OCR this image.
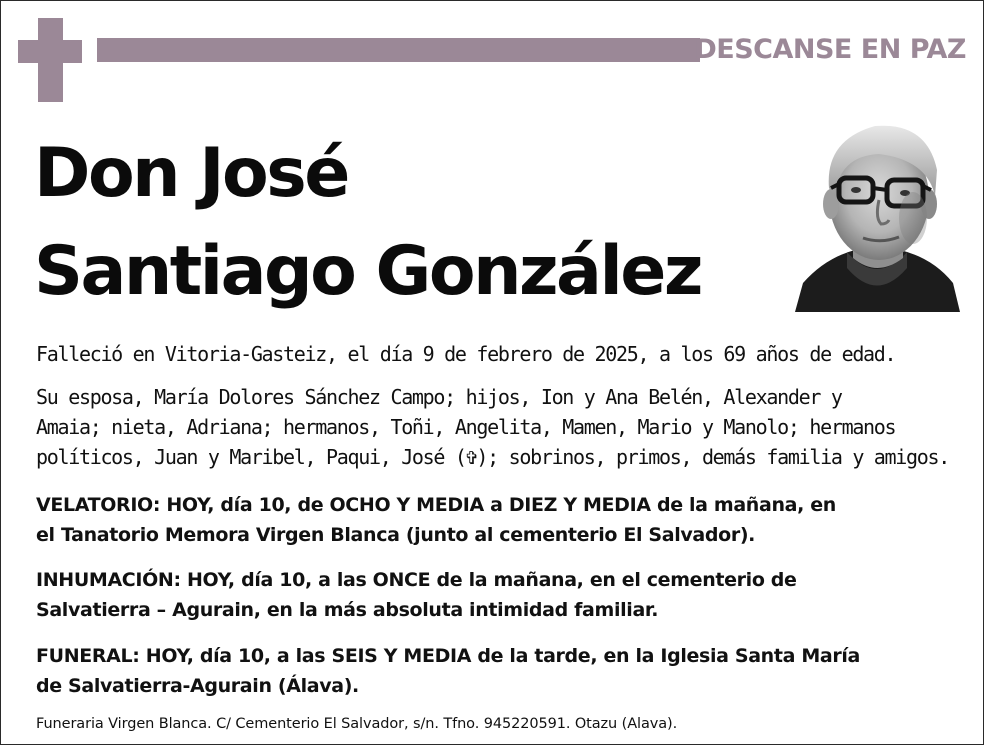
DESCANSE EN PAZ
Don José
Santiago González
Falleció en Vitoria-Gasteiz, el día 9 de febrero de 2025, a los 69 años de edad.
Su esposa, María Dolores Sánchez Campo; hijos, Ion y Ana Belén, Alexander y
Amaia; nieta, Adriana; hermanos, Toñi, Angelita, Mamen, Mario y Manolo; hermanos
políticos, Juan y Maribel, Paqui, José (✞); sobrinos, primos, demás familia y amigos.
VELATORIO: HOY, día 10, de OCHO Y MEDIA a DIEZ Y MEDIA de la mañana, en
el Tanatorio Memora Virgen Blanca (junto al cementerio El Salvador).
INHUMACIÓN: HOY, día 10, a las ONCE de la mañana, en el cementerio de
Salvatierra – Agurain, en la más absoluta intimidad familiar.
FUNERAL: HOY, día 10, a las SEIS Y MEDIA de la tarde, en la Iglesia Santa María
de Salvatierra-Agurain (Álava).
Funeraria Virgen Blanca. C/ Cementerio El Salvador, s/n. Tfno. 945220591. Otazu (Alava).
